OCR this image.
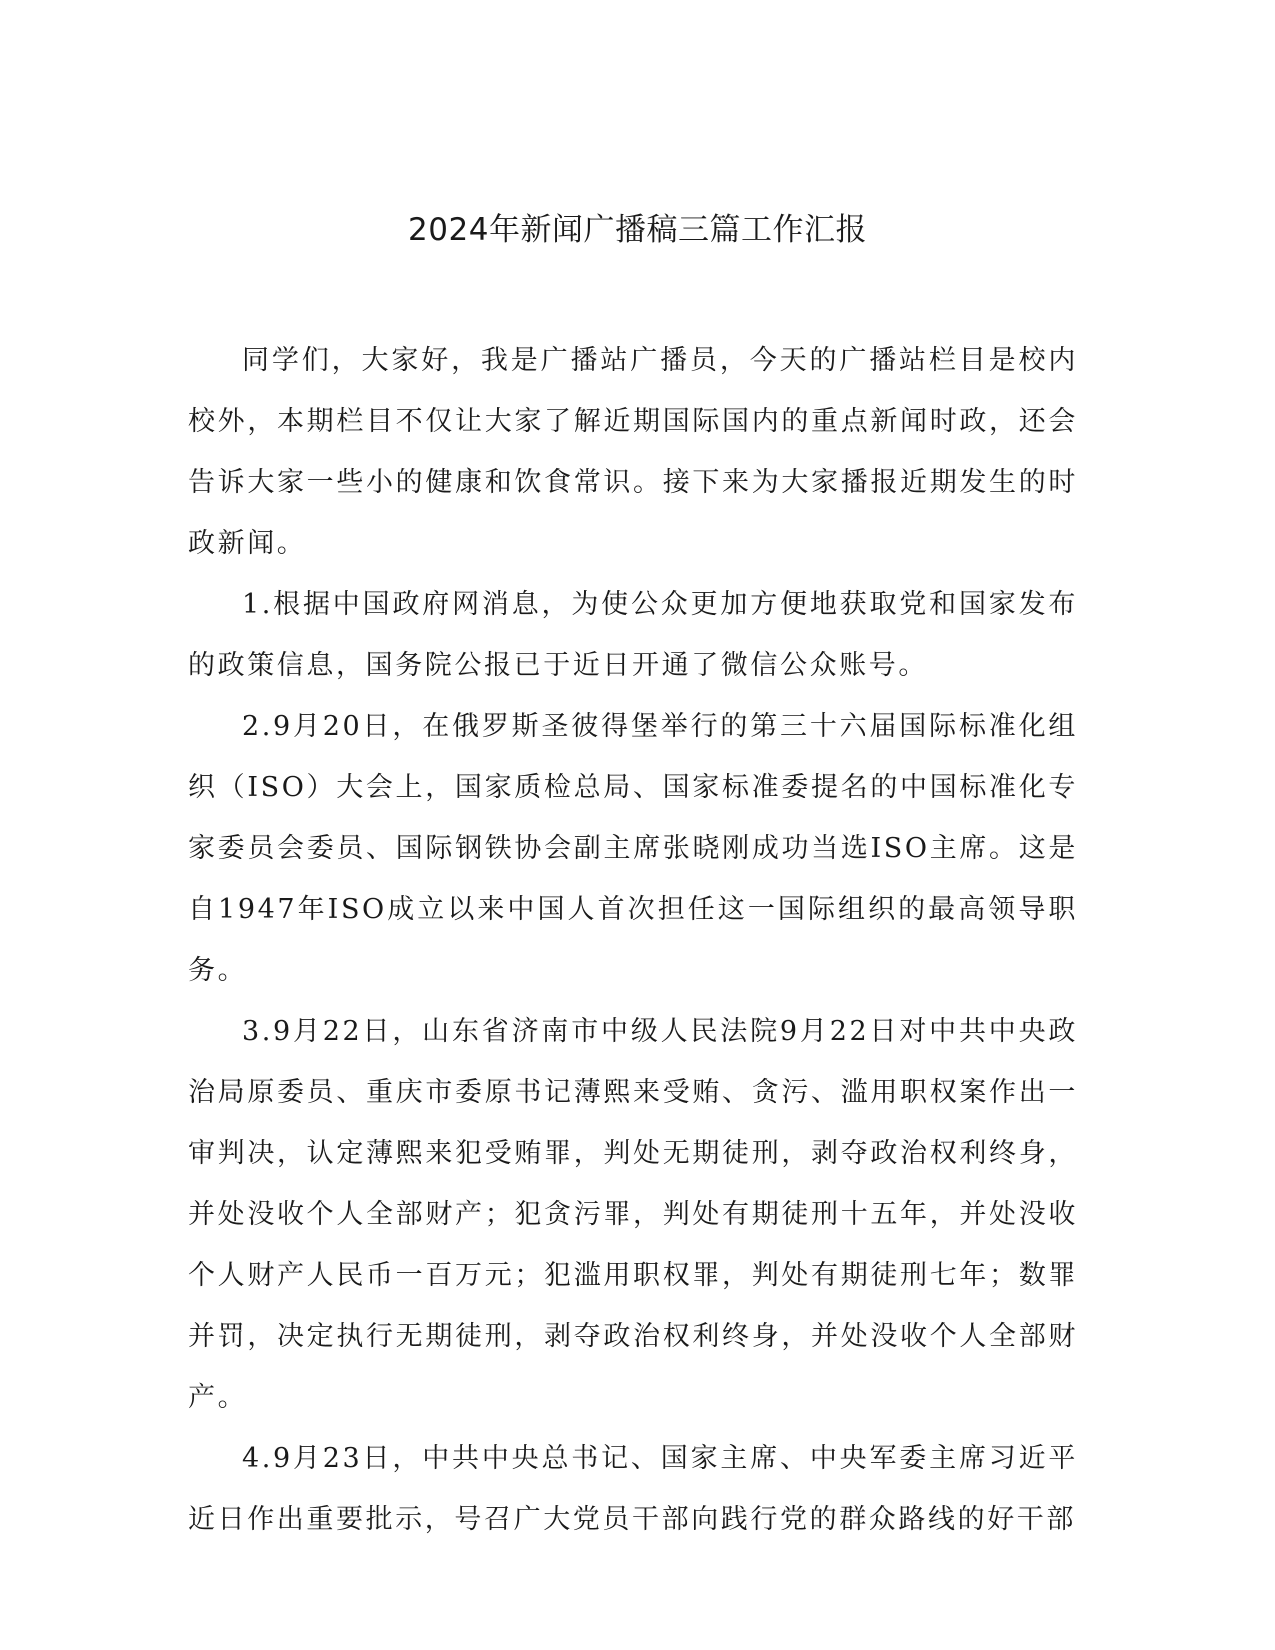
2024年新闻广播稿三篇工作汇报

同学们，大家好，我是广播站广播员，今天的广播站栏目是校内校外，本期栏目不仅让大家了解近期国际国内的重点新闻时政，还会告诉大家一些小的健康和饮食常识。接下来为大家播报近期发生的时政新闻。

1.根据中国政府网消息，为使公众更加方便地获取党和国家发布的政策信息，国务院公报已于近日开通了微信公众账号。

2.9月20日，在俄罗斯圣彼得堡举行的第三十六届国际标准化组织（ISO）大会上，国家质检总局、国家标准委提名的中国标准化专家委员会委员、国际钢铁协会副主席张晓刚成功当选ISO主席。这是自1947年ISO成立以来中国人首次担任这一国际组织的最高领导职务。

3.9月22日，山东省济南市中级人民法院9月22日对中共中央政治局原委员、重庆市委原书记薄熙来受贿、贪污、滥用职权案作出一审判决，认定薄熙来犯受贿罪，判处无期徒刑，剥夺政治权利终身，并处没收个人全部财产；犯贪污罪，判处有期徒刑十五年，并处没收个人财产人民币一百万元；犯滥用职权罪，判处有期徒刑七年；数罪并罚，决定执行无期徒刑，剥夺政治权利终身，并处没收个人全部财产。

4.9月23日，中共中央总书记、国家主席、中央军委主席习近平近日作出重要批示，号召广大党员干部向践行党的群众路线的好干部
